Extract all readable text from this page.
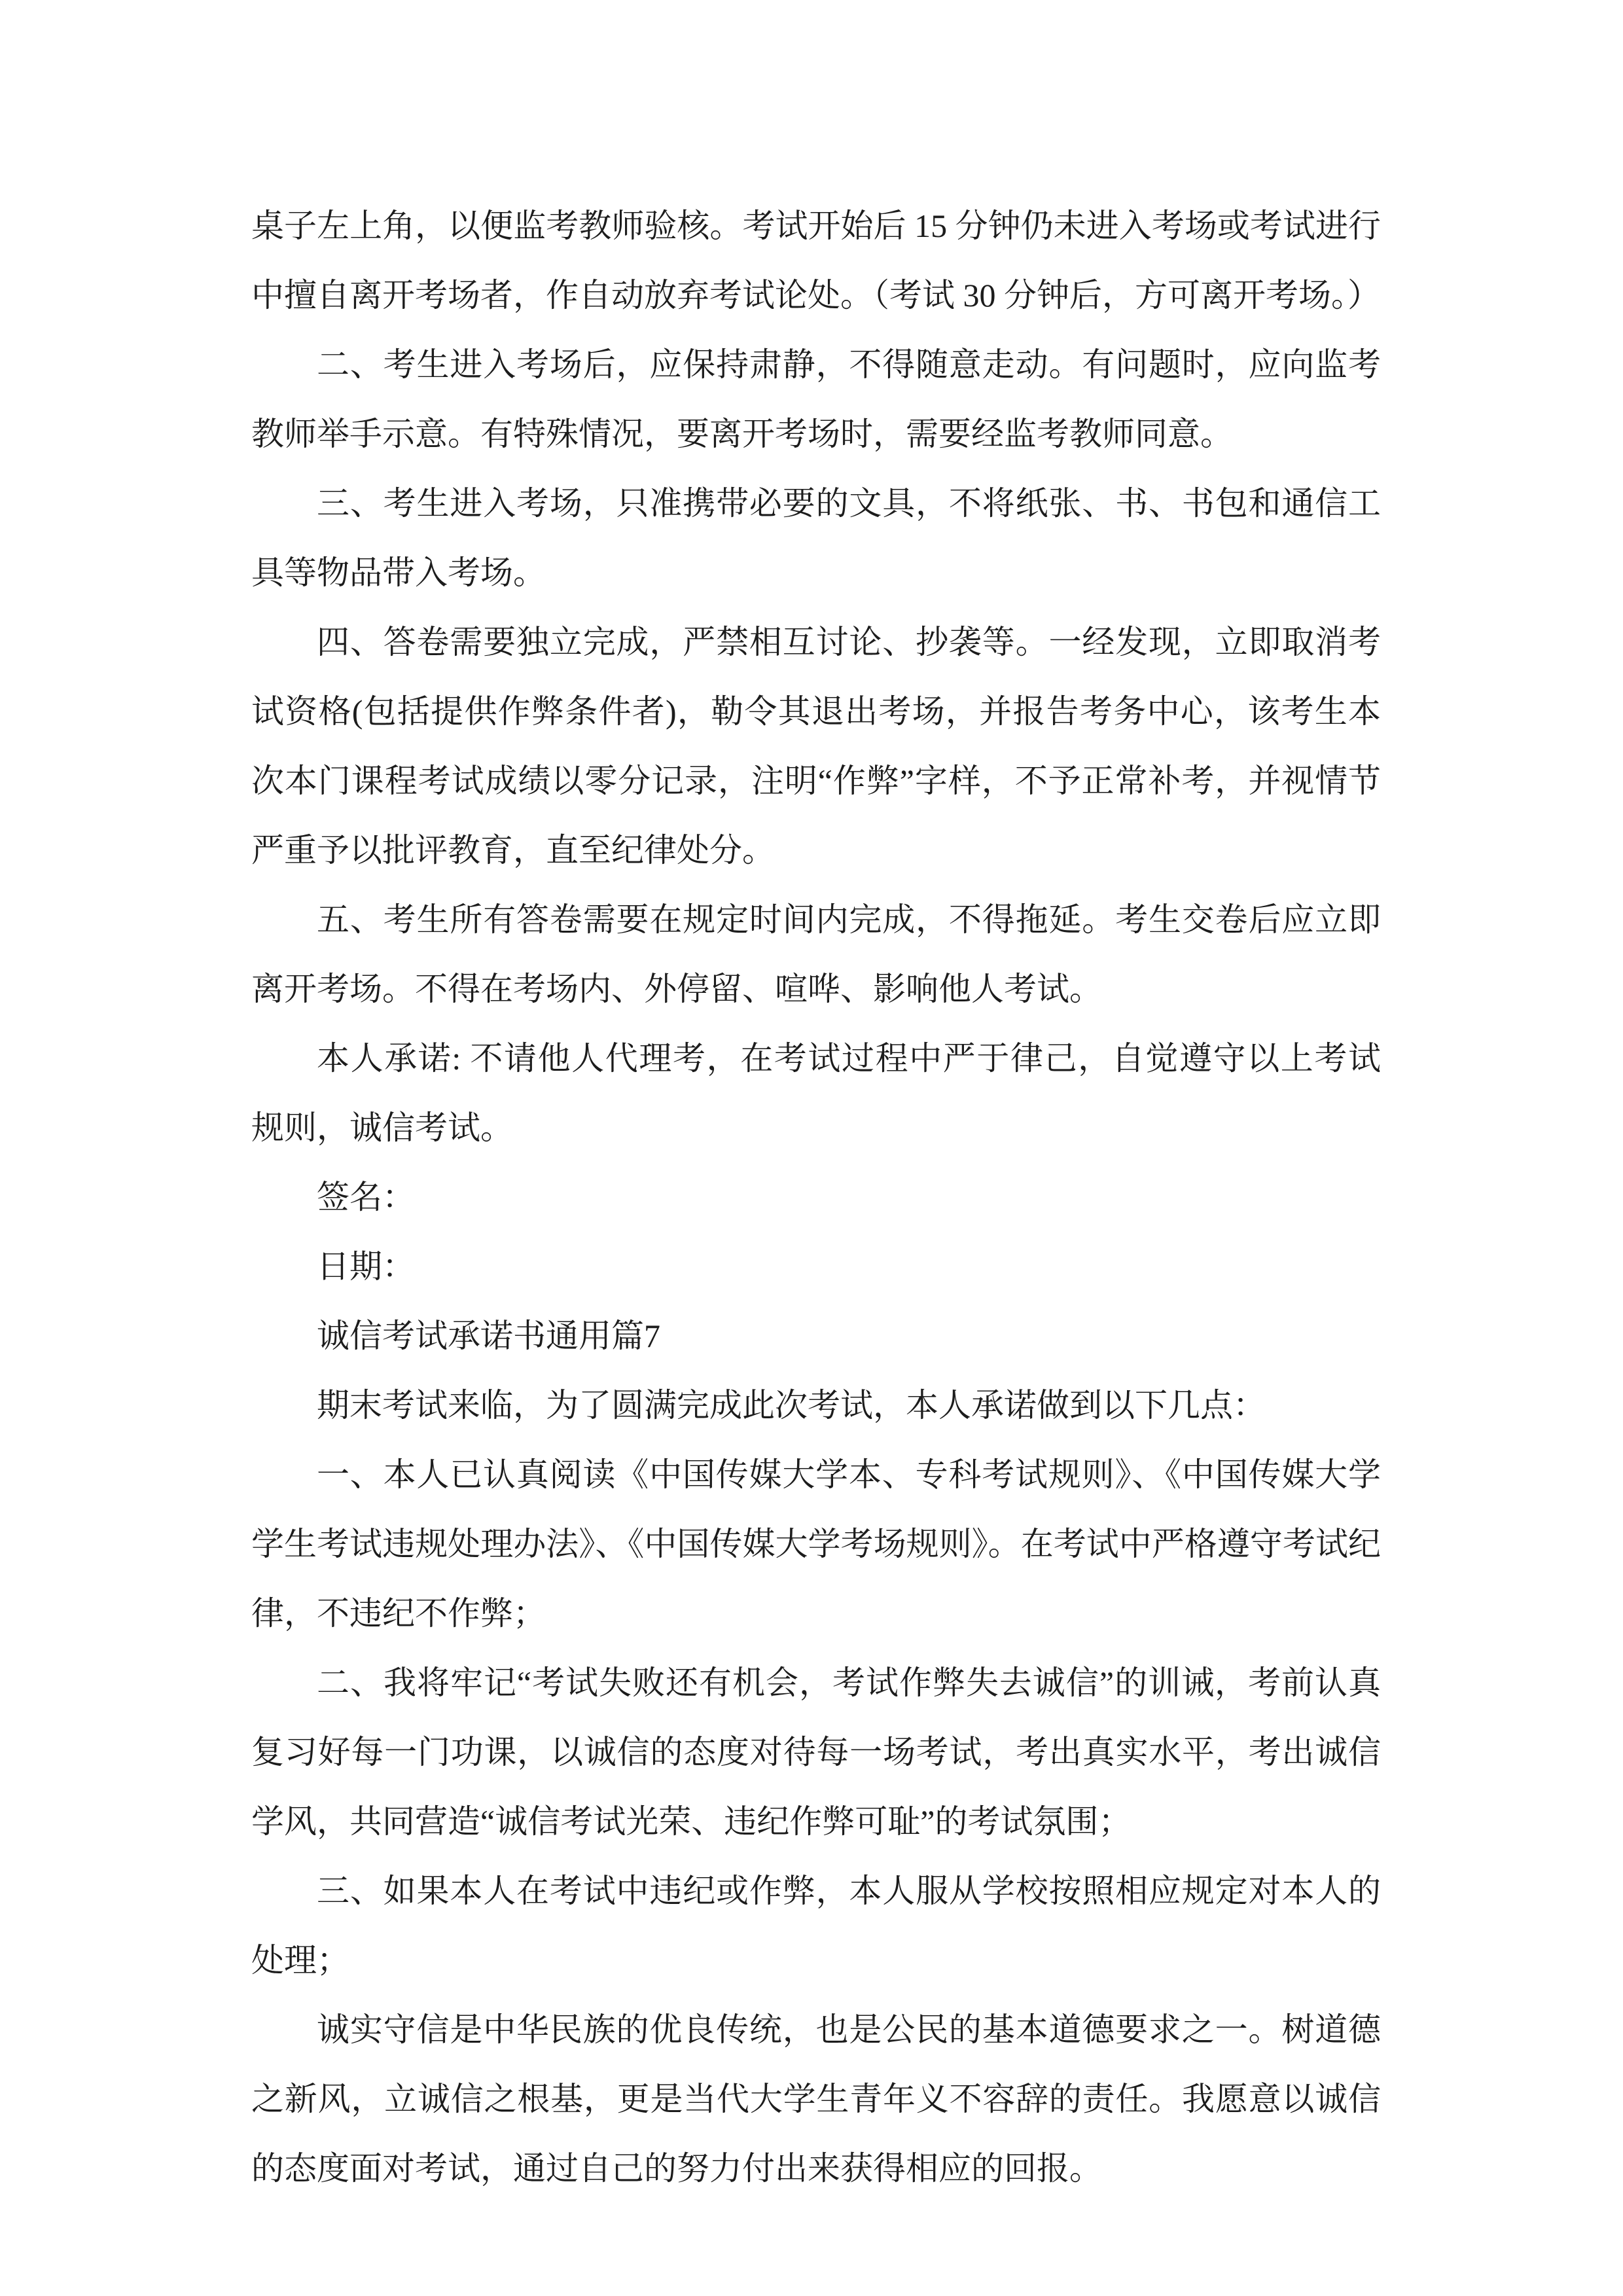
桌子左上角，以便监考教师验核。考试开始后 15 分钟仍未进入考场或考试进行中擅自离开考场者，作自动放弃考试论处。（考试 30 分钟后，方可离开考场。）

二、考生进入考场后，应保持肃静，不得随意走动。有问题时，应向监考教师举手示意。有特殊情况，要离开考场时，需要经监考教师同意。

三、考生进入考场，只准携带必要的文具，不将纸张、书、书包和通信工具等物品带入考场。

四、答卷需要独立完成，严禁相互讨论、抄袭等。一经发现，立即取消考试资格(包括提供作弊条件者)，勒令其退出考场，并报告考务中心，该考生本次本门课程考试成绩以零分记录，注明“作弊”字样，不予正常补考，并视情节严重予以批评教育，直至纪律处分。

五、考生所有答卷需要在规定时间内完成，不得拖延。考生交卷后应立即离开考场。不得在考场内、外停留、喧哗、影响他人考试。

本人承诺: 不请他人代理考，在考试过程中严于律己，自觉遵守以上考试规则，诚信考试。

签名：

日期：

诚信考试承诺书通用篇7

期末考试来临，为了圆满完成此次考试，本人承诺做到以下几点：

一、本人已认真阅读《中国传媒大学本、专科考试规则》、《中国传媒大学学生考试违规处理办法》、《中国传媒大学考场规则》。在考试中严格遵守考试纪律，不违纪不作弊；

二、我将牢记“考试失败还有机会，考试作弊失去诚信”的训诫，考前认真复习好每一门功课，以诚信的态度对待每一场考试，考出真实水平，考出诚信学风，共同营造“诚信考试光荣、违纪作弊可耻”的考试氛围；

三、如果本人在考试中违纪或作弊，本人服从学校按照相应规定对本人的处理；

诚实守信是中华民族的优良传统，也是公民的基本道德要求之一。树道德之新风，立诚信之根基，更是当代大学生青年义不容辞的责任。我愿意以诚信的态度面对考试，通过自己的努力付出来获得相应的回报。
